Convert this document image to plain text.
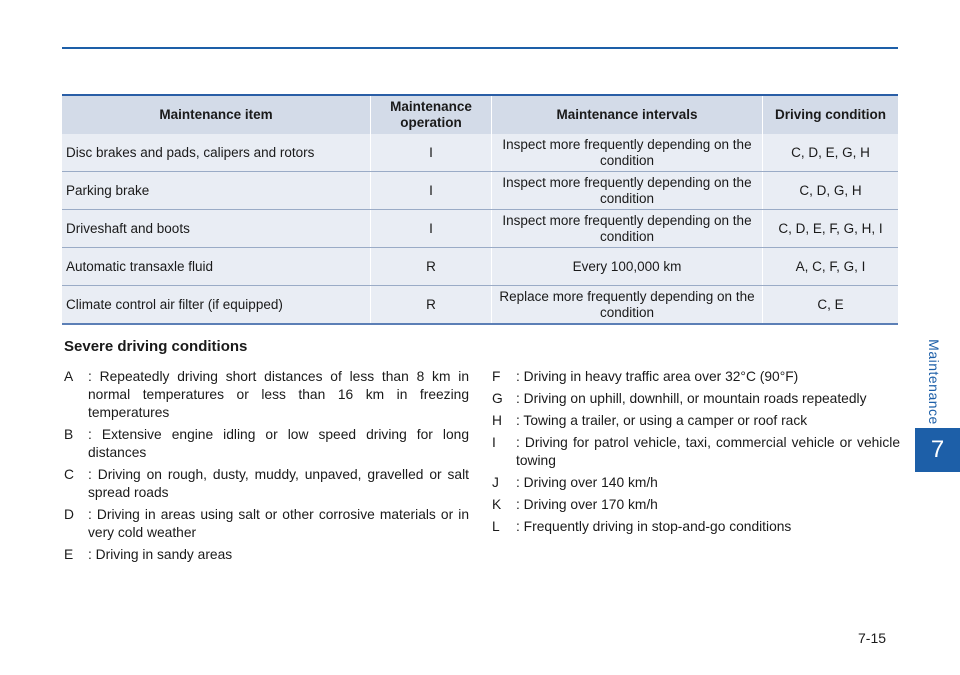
Maintenance
7
Maintenance item	Maintenance operation	Maintenance intervals	Driving condition
Disc brakes and pads, calipers and rotors	I	Inspect more frequently depending on the condition	C, D, E, G, H
Parking brake	I	Inspect more frequently depending on the condition	C, D, G, H
Driveshaft and boots	I	Inspect more frequently depending on the condition	C, D, E, F, G, H, I
Automatic transaxle fluid	R	Every 100,000 km	A, C, F, G, I
Climate control air filter (if equipped)	R	Replace more frequently depending on the condition	C, E
Severe driving conditions
A	: Repeatedly driving short distances of less than 8 km in normal temperatures or less than 16 km in freezing temperatures
B	: Extensive engine idling or low speed driving for long distances
C	: Driving on rough, dusty, muddy, unpaved, gravelled or salt spread roads
D	: Driving in areas using salt or other corrosive materials or in very cold weather
E	: Driving in sandy areas
F	: Driving in heavy traffic area over 32°C (90°F)
G : Driving on uphill, downhill, or mountain roads repeatedly
H	: Towing a trailer, or using a camper or roof rack
I	: Driving for patrol vehicle, taxi, commercial vehicle or vehicle towing
J	: Driving over 140 km/h
K	: Driving over 170 km/h
L	: Frequently driving in stop-and-go conditions
7-15
